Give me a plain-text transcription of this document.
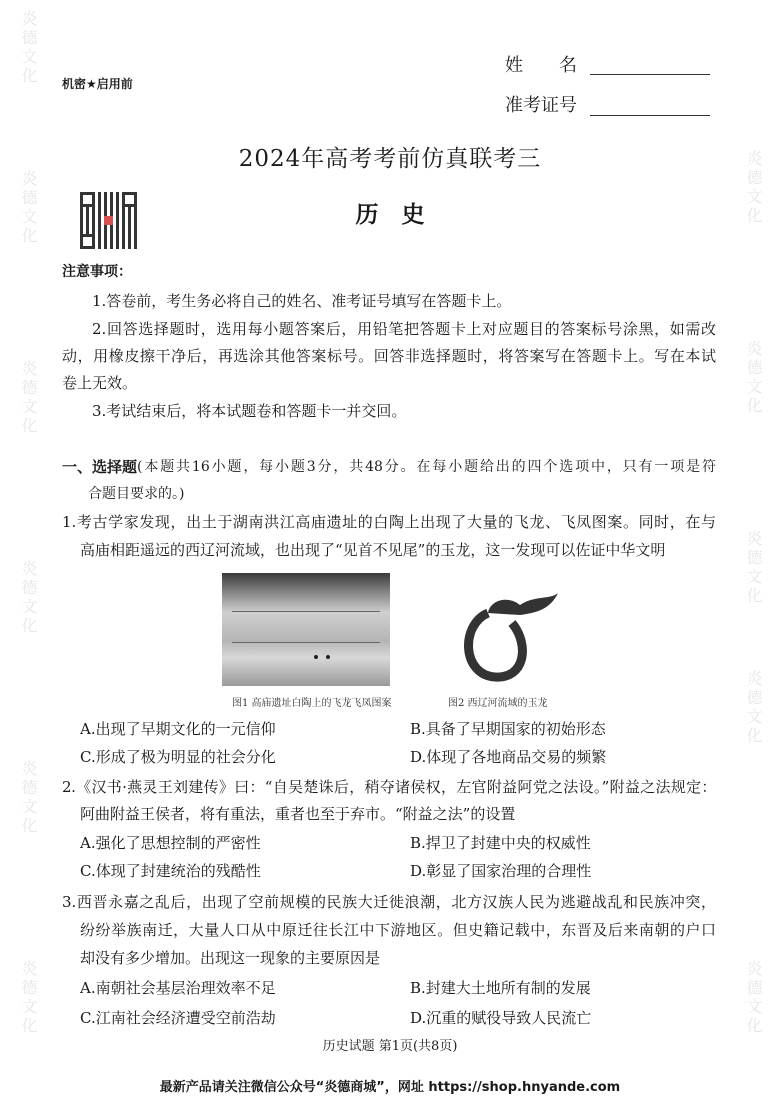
炎德文化
炎德文化
炎德文化
炎德文化
炎德文化
炎德文化
炎德文化
炎德文化
炎德文化
炎德文化
炎德文化
机密★启用前
姓　　名
准考证号
2024年高考考前仿真联考三
历　史
注意事项：
1.答卷前，考生务必将自己的姓名、准考证号填写在答题卡上。
2.回答选择题时，选用每小题答案后，用铅笔把答题卡上对应题目的答案标号涂黑，如需改
动，用橡皮擦干净后，再选涂其他答案标号。回答非选择题时，将答案写在答题卡上。写在本试
卷上无效。
3.考试结束后，将本试题卷和答题卡一并交回。
一、选择题 (本题共16小题，每小题3分，共48分。在每小题给出的四个选项中，只有一项是符
合题目要求的。)
1.考古学家发现，出土于湖南洪江高庙遗址的白陶上出现了大量的飞龙、飞凤图案。同时，在与
高庙相距遥远的西辽河流域，也出现了“见首不见尾”的玉龙，这一发现可以佐证中华文明
图1 高庙遗址白陶上的飞龙飞凤图案	图2 西辽河流域的玉龙
A.出现了早期文化的一元信仰	B.具备了早期国家的初始形态
C.形成了极为明显的社会分化	D.体现了各地商品交易的频繁
2.《汉书·燕灵王刘建传》曰：“自吴楚诛后，稍夺诸侯权，左官附益阿党之法设。”附益之法规定：
阿曲附益王侯者，将有重法，重者也至于弃市。“附益之法”的设置
A.强化了思想控制的严密性	B.捍卫了封建中央的权威性
C.体现了封建统治的残酷性	D.彰显了国家治理的合理性
3.西晋永嘉之乱后，出现了空前规模的民族大迁徙浪潮，北方汉族人民为逃避战乱和民族冲突，
纷纷举族南迁，大量人口从中原迁往长江中下游地区。但史籍记载中，东晋及后来南朝的户口
却没有多少增加。出现这一现象的主要原因是
A.南朝社会基层治理效率不足	B.封建大土地所有制的发展
C.江南社会经济遭受空前浩劫	D.沉重的赋役导致人民流亡
历史试题 第1页(共8页)
最新产品请关注微信公众号“炎德商城”，网址 https://shop.hnyande.com
